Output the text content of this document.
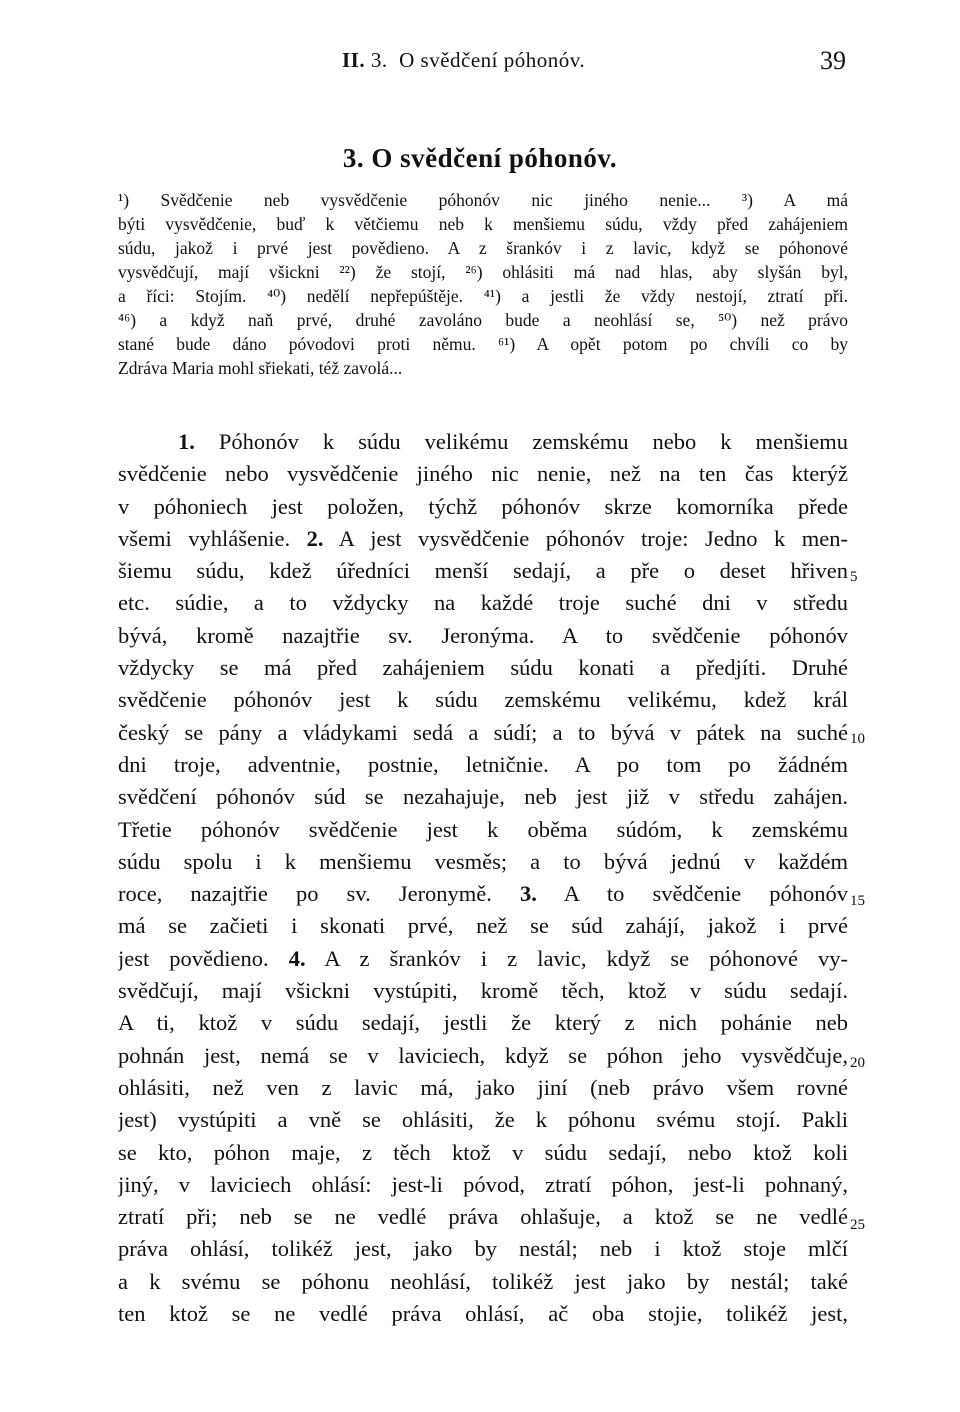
II. 3.  O svědčení póhonóv.	39
3. O svědčení póhonóv.
¹) Svědčenie neb vysvědčenie póhonóv nic jiného nenie... ³) A má
býti vysvědčenie, buď k větčiemu neb k menšiemu súdu, vždy před zahájeniem
súdu, jakož i prvé jest povědieno. A z šrankóv i z lavic, když se póhonové
vysvědčují, mají všickni ²²) že stojí, ²⁶) ohlásiti má nad hlas, aby slyšán byl,
a říci: Stojím. ⁴⁰) nedělí nepřepúštěje. ⁴¹) a jestli že vždy nestojí, ztratí při.
⁴⁶) a když naň prvé, druhé zavoláno bude a neohlásí se, ⁵⁰) než právo
stané bude dáno póvodovi proti němu. ⁶¹) A opět potom po chvíli co by
Zdráva Maria mohl sřiekati, též zavolá...
1. Póhonóv k súdu velikému zemskému nebo k menšiemu
svědčenie nebo vysvědčenie jiného nic nenie, než na ten čas kterýž
v póhoniech jest položen, týchž póhonóv skrze komorníka přede
všemi vyhlášenie. 2. A jest vysvědčenie póhonóv troje: Jedno k men-
šiemu súdu, kdež úředníci menší sedají, a pře o deset hřiven
etc. súdie, a to vždycky na každé troje suché dni v středu
bývá, kromě nazajtřie sv. Jeronýma. A to svědčenie póhonóv
vždycky se má před zahájeniem súdu konati a předjíti. Druhé
svědčenie póhonóv jest k súdu zemskému velikému, kdež král
český se pány a vládykami sedá a súdí; a to bývá v pátek na suché
dni troje, adventnie, postnie, letničnie. A po tom po žádném
svědčení póhonóv súd se nezahajuje, neb jest již v středu zahájen.
Třetie póhonóv svědčenie jest k oběma súdóm, k zemskému
súdu spolu i k menšiemu vesměs; a to bývá jednú v každém
roce, nazajtřie po sv. Jeronymě. 3. A to svědčenie póhonóv
má se začieti i skonati prvé, než se súd zahájí, jakož i prvé
jest povědieno. 4. A z šrankóv i z lavic, když se póhonové vy-
svědčují, mají všickni vystúpiti, kromě těch, ktož v súdu sedají.
A ti, ktož v súdu sedají, jestli že který z nich pohánie neb
pohnán jest, nemá se v laviciech, když se póhon jeho vysvědčuje,
ohlásiti, než ven z lavic má, jako jiní (neb právo všem rovné
jest) vystúpiti a vně se ohlásiti, že k póhonu svému stojí. Pakli
se kto, póhon maje, z těch ktož v súdu sedají, nebo ktož koli
jiný, v laviciech ohlásí: jest-li póvod, ztratí póhon, jest-li pohnaný,
ztratí při; neb se ne vedlé práva ohlašuje, a ktož se ne vedlé
práva ohlásí, tolikéž jest, jako by nestál; neb i ktož stoje mlčí
a k svému se póhonu neohlásí, tolikéž jest jako by nestál; také
ten ktož se ne vedlé práva ohlásí, ač oba stojie, tolikéž jest,
5
10
15
20
25
